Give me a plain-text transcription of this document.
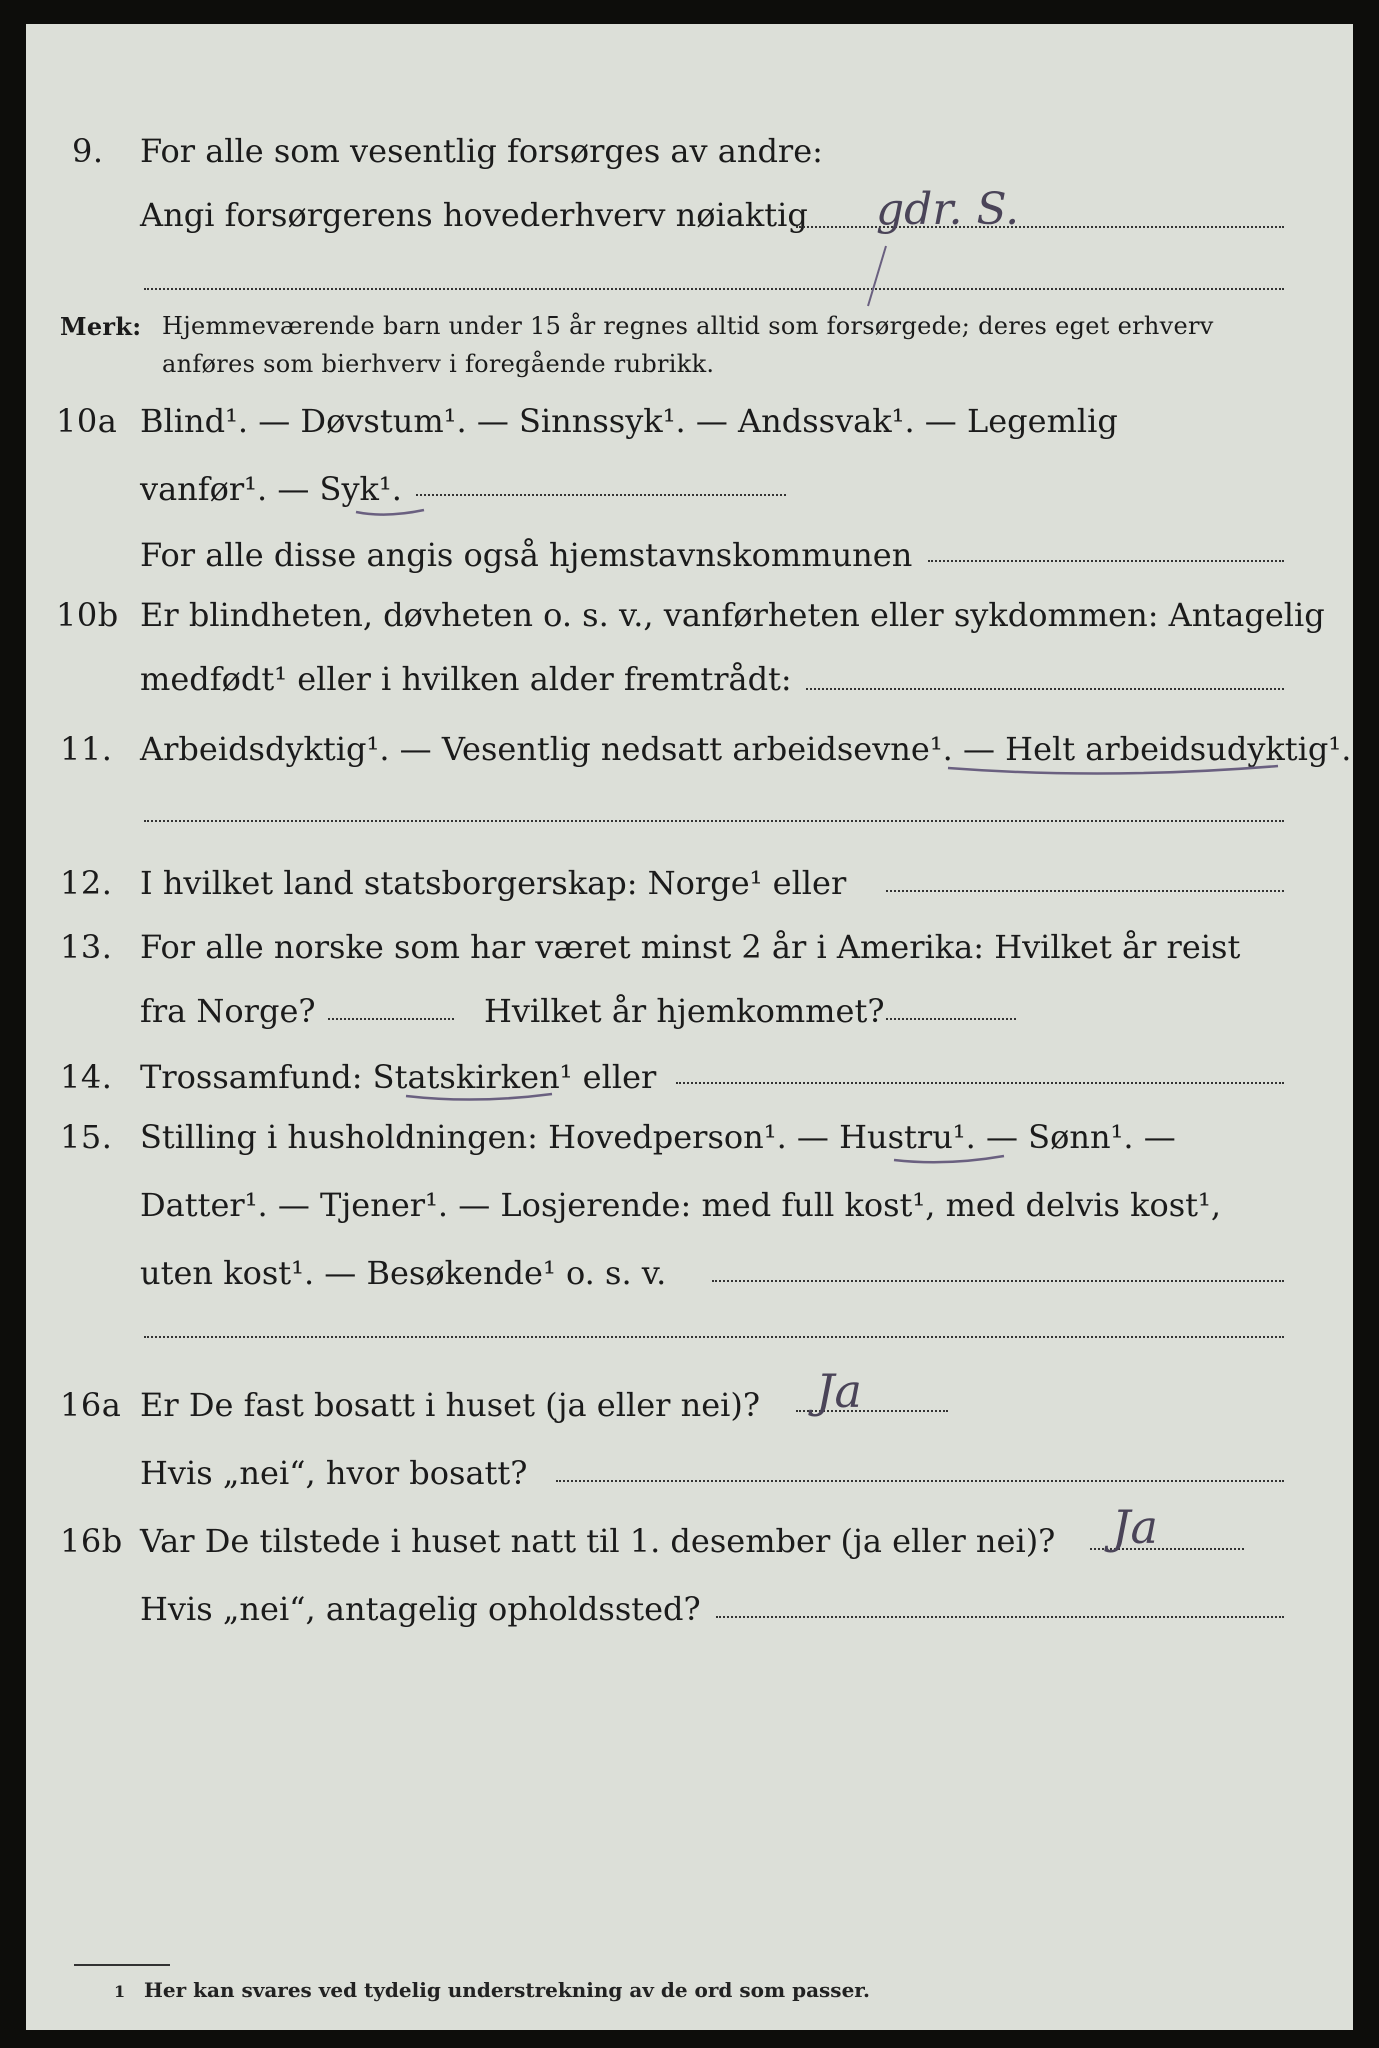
9. For alle som vesentlig forsørges av andre:
Angi forsørgerens hovederhverv nøiaktig gdr. S.
Merk: Hjemmeværende barn under 15 år regnes alltid som forsørgede; deres eget erhverv
anføres som bierhverv i foregående rubrikk.
10a Blind¹. — Døvstum¹. — Sinnssyk¹. — Andssvak¹. — Legemlig
vanfør¹. — Syk¹.
For alle disse angis også hjemstavnskommunen
10b Er blindheten, døvheten o. s. v., vanførheten eller sykdommen: Antagelig
medfødt¹ eller i hvilken alder fremtrådt:
11. Arbeidsdyktig¹. — Vesentlig nedsatt arbeidsevne¹. — Helt arbeidsudyktig¹.
12. I hvilket land statsborgerskap: Norge¹ eller
13. For alle norske som har været minst 2 år i Amerika: Hvilket år reist
fra Norge?	Hvilket år hjemkommet?
14. Trossamfund: Statskirken¹ eller
15. Stilling i husholdningen: Hovedperson¹. — Hustru¹. — Sønn¹. —
Datter¹. — Tjener¹. — Losjerende: med full kost¹, med delvis kost¹,
uten kost¹. — Besøkende¹ o. s. v.
16a Er De fast bosatt i huset (ja eller nei)? Ja
Hvis „nei“, hvor bosatt?
16b Var De tilstede i huset natt til 1. desember (ja eller nei)? Ja
Hvis „nei“, antagelig opholdssted?
1 Her kan svares ved tydelig understrekning av de ord som passer.
